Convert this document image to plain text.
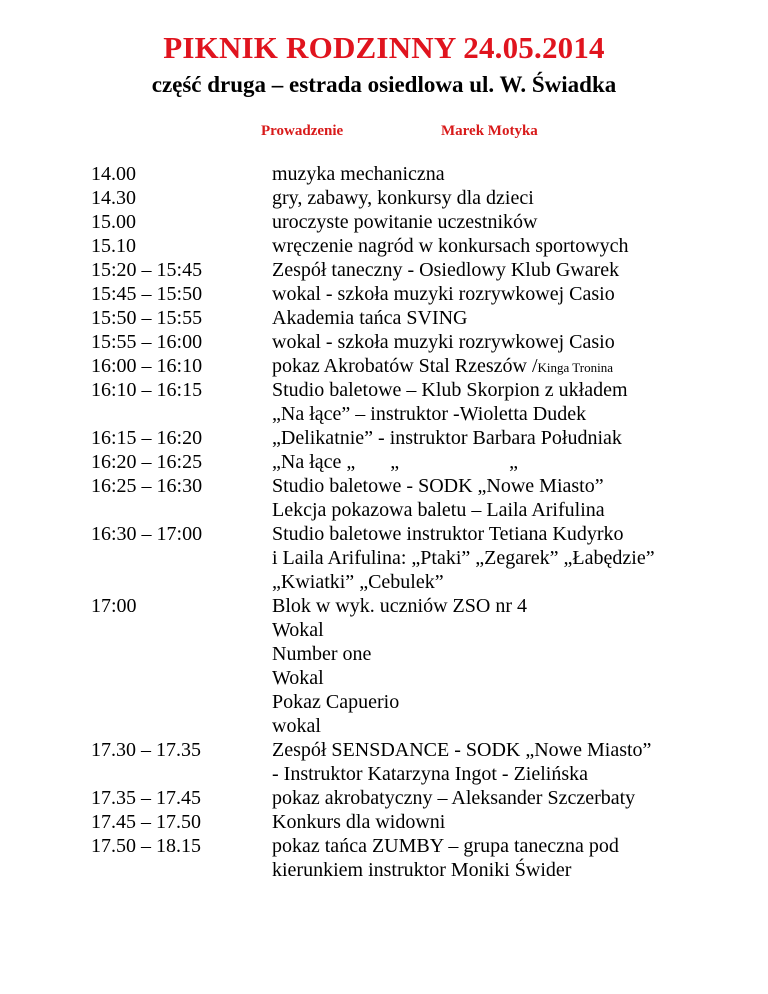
PIKNIK RODZINNY 24.05.2014
część druga – estrada osiedlowa ul. W. Świadka
Prowadzenie	Marek Motyka
14.00	muzyka mechaniczna
14.30	gry, zabawy, konkursy dla dzieci
15.00	uroczyste powitanie uczestników
15.10	wręczenie nagród w konkursach sportowych
15:20 – 15:45	Zespół taneczny - Osiedlowy Klub Gwarek
15:45 – 15:50	wokal - szkoła muzyki rozrywkowej Casio
15:50 – 15:55	Akademia tańca SVING
15:55 – 16:00	wokal - szkoła muzyki rozrywkowej Casio
16:00 – 16:10	pokaz Akrobatów Stal Rzeszów /Kinga Tronina
16:10 – 16:15	Studio baletowe – Klub Skorpion z układem
„Na łące” – instruktor -Wioletta Dudek
16:15 – 16:20	„Delikatnie” - instruktor Barbara Południak
16:20 – 16:25	„Na łące „       „                      „
16:25 – 16:30	Studio baletowe - SODK „Nowe Miasto”
Lekcja pokazowa baletu – Laila Arifulina
16:30 – 17:00	Studio baletowe instruktor Tetiana Kudyrko
i Laila Arifulina: „Ptaki” „Zegarek” „Łabędzie”
„Kwiatki” „Cebulek”
17:00	Blok w wyk. uczniów ZSO nr 4
Wokal
Number one
Wokal
Pokaz Capuerio
wokal
17.30 – 17.35	Zespół SENSDANCE - SODK „Nowe Miasto”
- Instruktor Katarzyna Ingot - Zielińska
17.35 – 17.45	pokaz akrobatyczny – Aleksander Szczerbaty
17.45 – 17.50	Konkurs dla widowni
17.50 – 18.15	pokaz tańca ZUMBY – grupa taneczna pod
kierunkiem instruktor Moniki Świder
